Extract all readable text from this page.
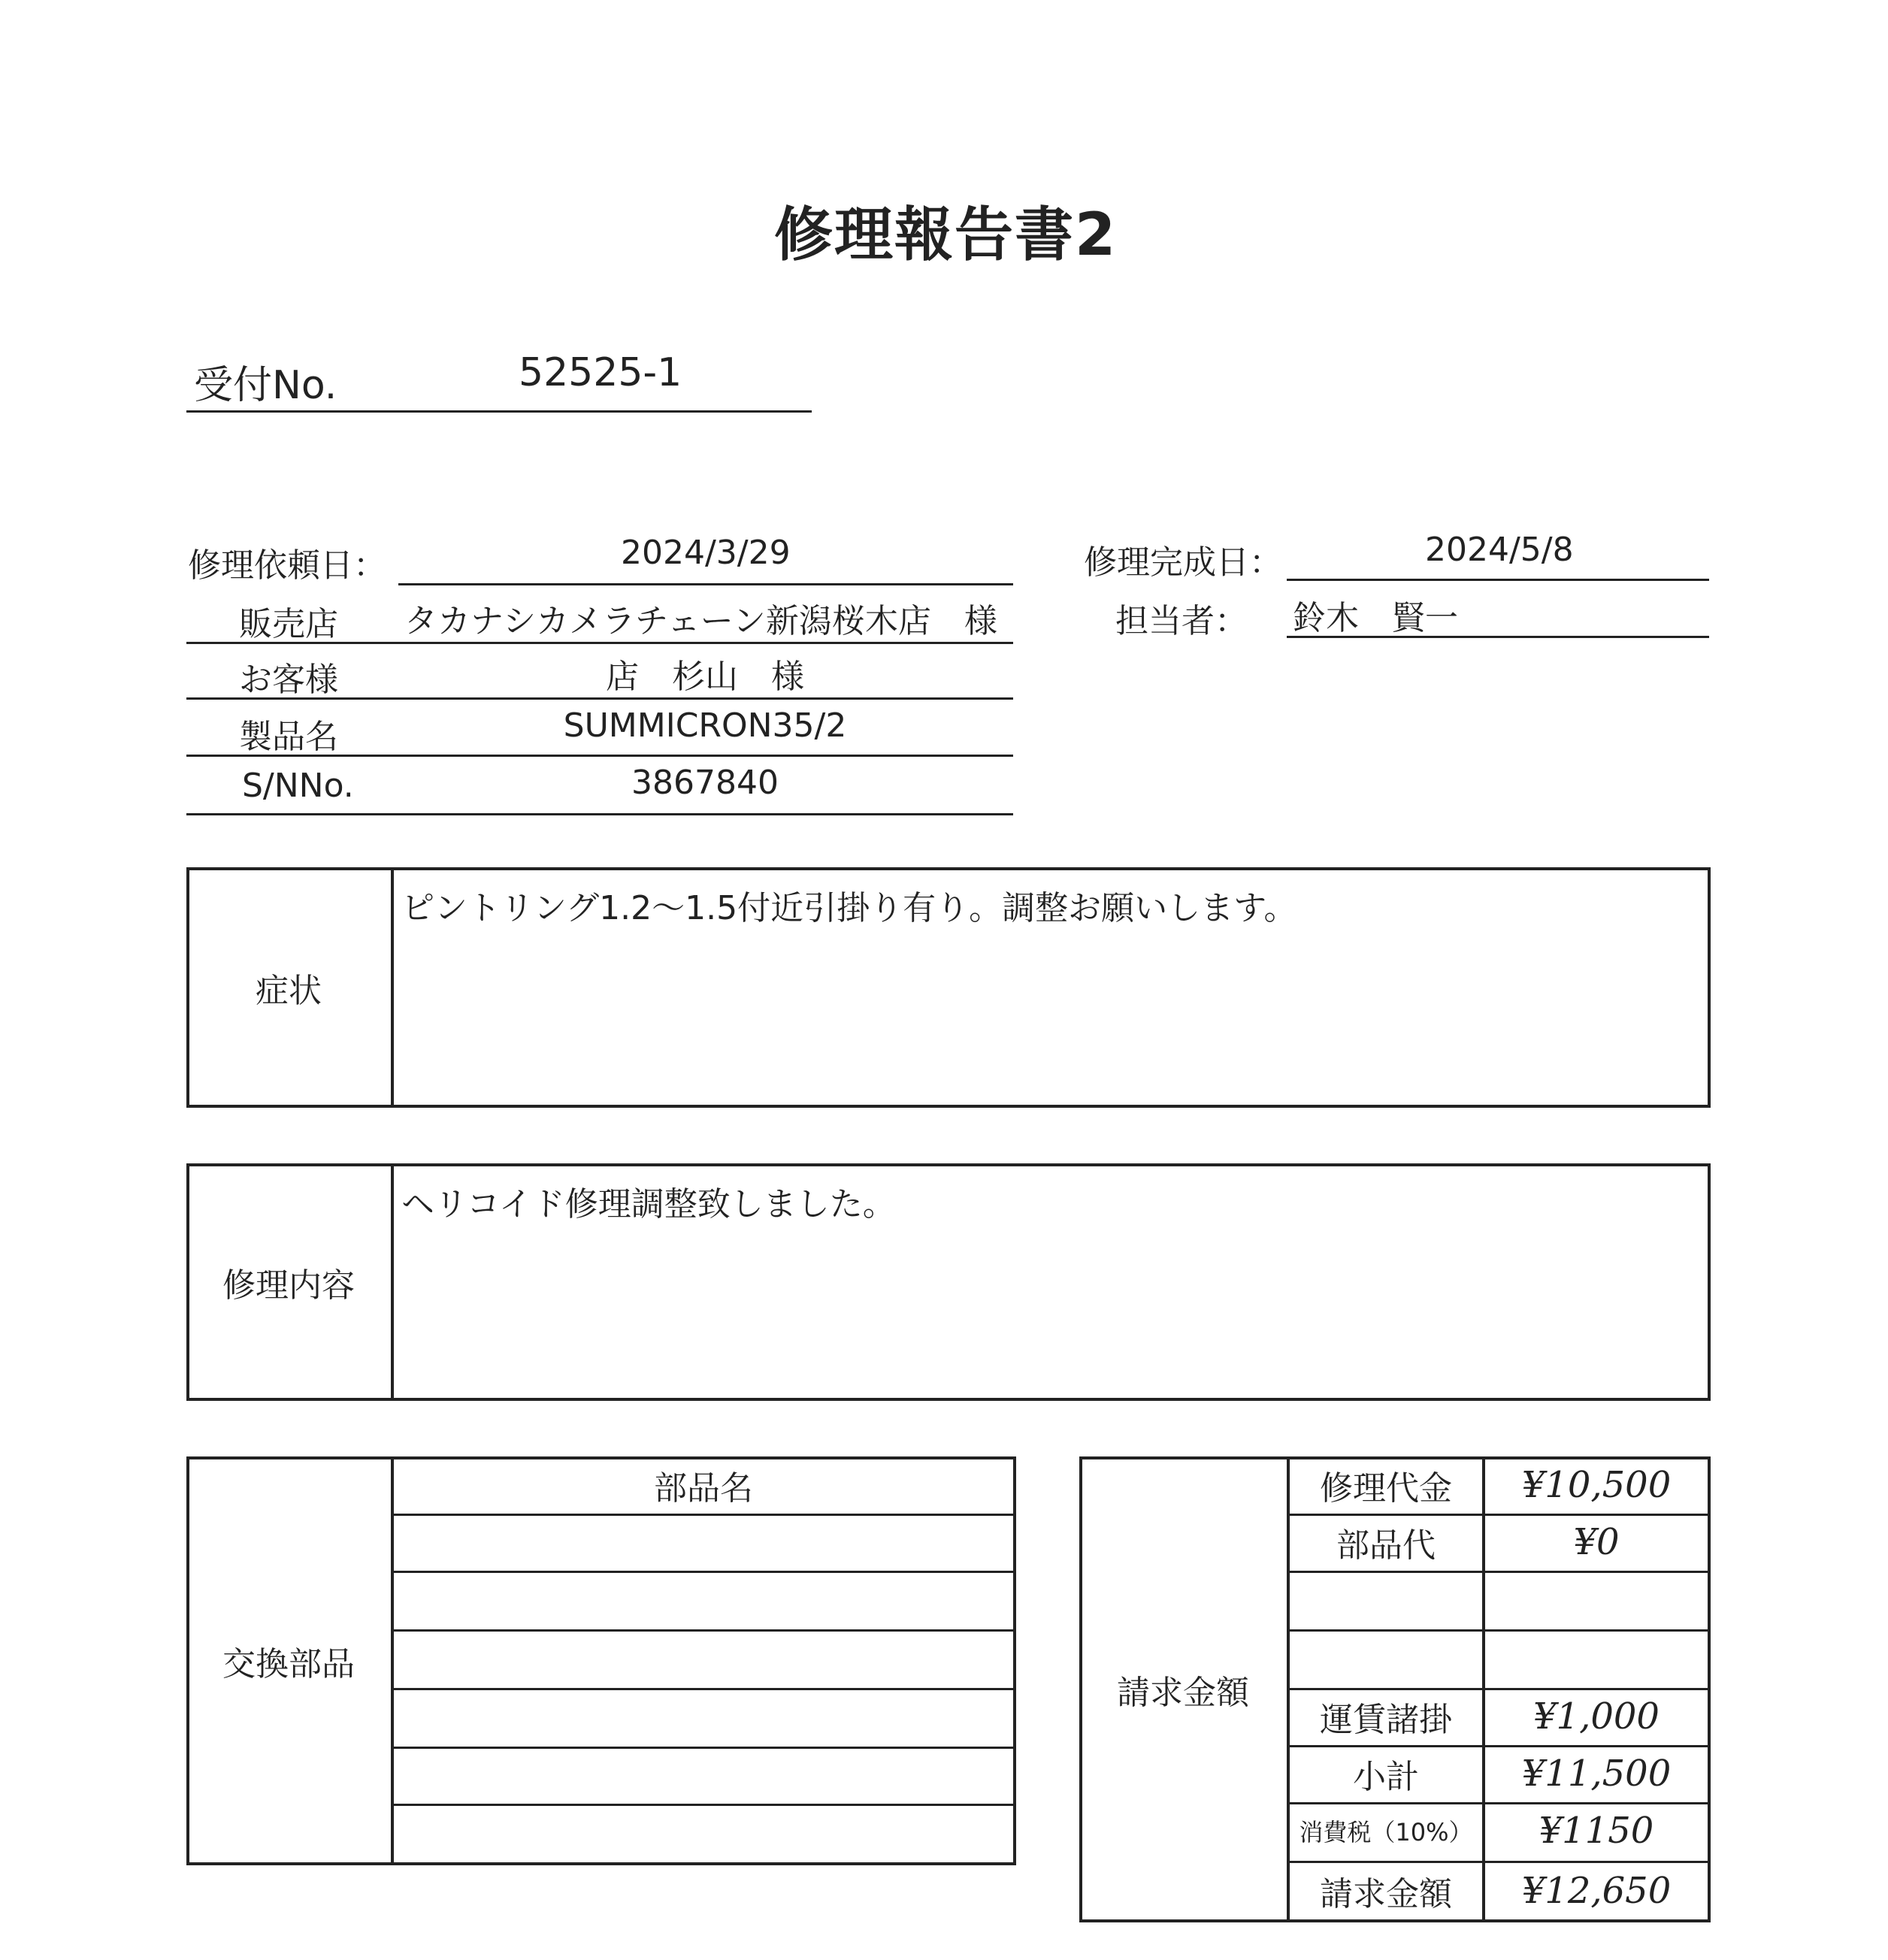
修理報告書2
受付No.	52525-1
修理依頼日：	2024/3/29	修理完成日：	2024/5/8
担当者： 鈴木　賢一
販売店 タカナシカメラチェーン新潟桜木店　様
お客様	店　杉山　様
製品名	SUMMICRON35/2
S/NNo.	3867840
症状
ピントリング1.2～1.5付近引掛り有り。調整お願いします。
修理内容
ヘリコイド修理調整致しました。
交換部品
部品名
請求金額
修理代金	¥10,500
部品代	¥0
運賃諸掛	¥1,000
小計	¥11,500
消費税（10%）	¥1150
請求金額	¥12,650
